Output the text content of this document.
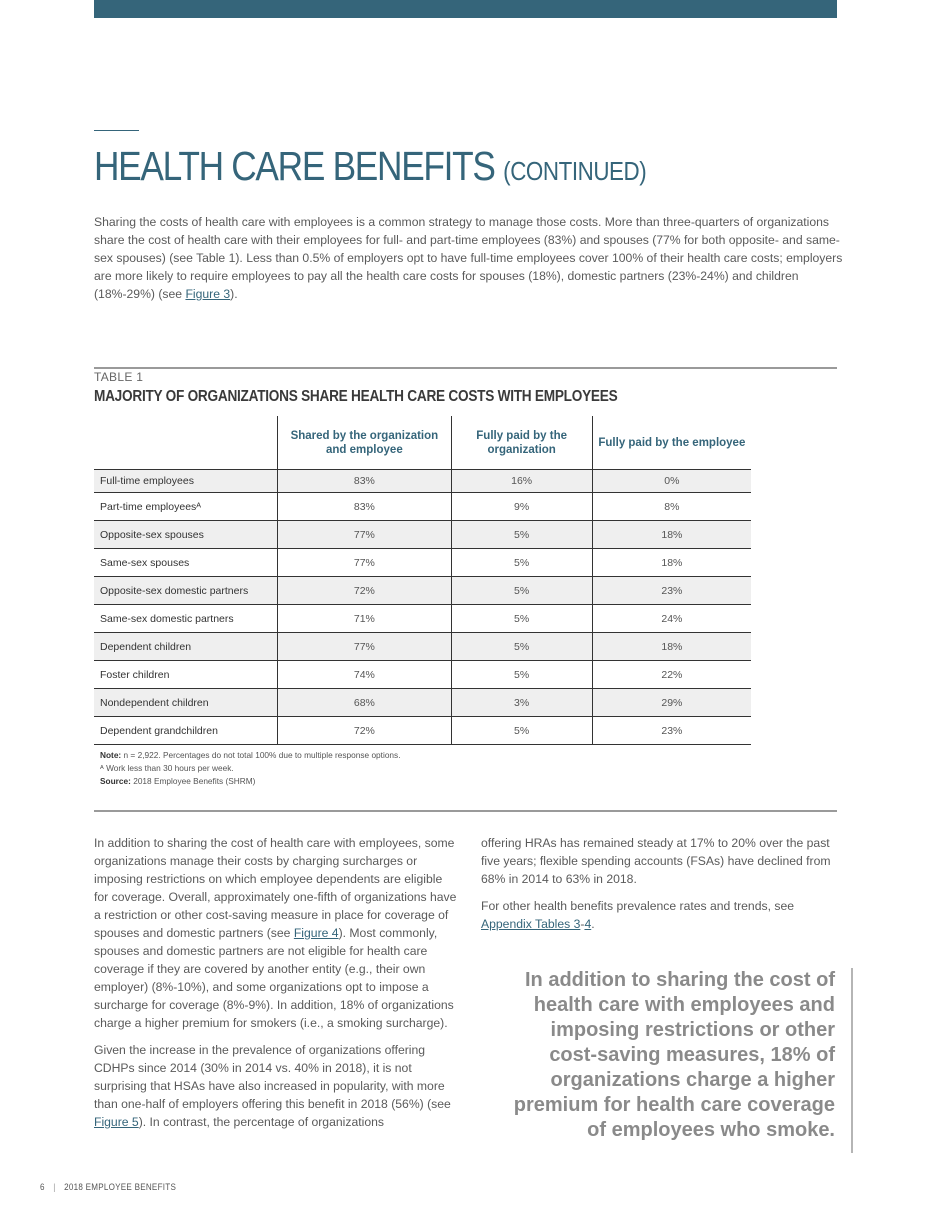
HEALTH CARE BENEFITS (CONTINUED)

Sharing the costs of health care with employees is a common strategy to manage those costs. More than three-quarters of organizations share the cost of health care with their employees for full- and part-time employees (83%) and spouses (77% for both opposite- and same-sex spouses) (see Table 1). Less than 0.5% of employers opt to have full-time employees cover 100% of their health care costs; employers are more likely to require employees to pay all the health care costs for spouses (18%), domestic partners (23%-24%) and children (18%-29%) (see Figure 3).

TABLE 1
MAJORITY OF ORGANIZATIONS SHARE HEALTH CARE COSTS WITH EMPLOYEES
	Shared by the organization and employee	Fully paid by the organization	Fully paid by the employee
Full-time employees	83%	16%	0%
Part-time employeesᴬ	83%	9%	8%
Opposite-sex spouses	77%	5%	18%
Same-sex spouses	77%	5%	18%
Opposite-sex domestic partners	72%	5%	23%
Same-sex domestic partners	71%	5%	24%
Dependent children	77%	5%	18%
Foster children	74%	5%	22%
Nondependent children	68%	3%	29%
Dependent grandchildren	72%	5%	23%
Note: n = 2,922. Percentages do not total 100% due to multiple response options.
ᴬ Work less than 30 hours per week.
Source: 2018 Employee Benefits (SHRM)

In addition to sharing the cost of health care with employees, some organizations manage their costs by charging surcharges or imposing restrictions on which employee dependents are eligible for coverage. Overall, approximately one-fifth of organizations have a restriction or other cost-saving measure in place for coverage of spouses and domestic partners (see Figure 4). Most commonly, spouses and domestic partners are not eligible for health care coverage if they are covered by another entity (e.g., their own employer) (8%-10%), and some organizations opt to impose a surcharge for coverage (8%-9%). In addition, 18% of organizations charge a higher premium for smokers (i.e., a smoking surcharge).

Given the increase in the prevalence of organizations offering CDHPs since 2014 (30% in 2014 vs. 40% in 2018), it is not surprising that HSAs have also increased in popularity, with more than one-half of employers offering this benefit in 2018 (56%) (see Figure 5). In contrast, the percentage of organizations

offering HRAs has remained steady at 17% to 20% over the past five years; flexible spending accounts (FSAs) have declined from 68% in 2014 to 63% in 2018.

For other health benefits prevalence rates and trends, see Appendix Tables 3-4.

In addition to sharing the cost of health care with employees and imposing restrictions or other cost-saving measures, 18% of organizations charge a higher premium for health care coverage of employees who smoke.
6 | 2018 EMPLOYEE BENEFITS
